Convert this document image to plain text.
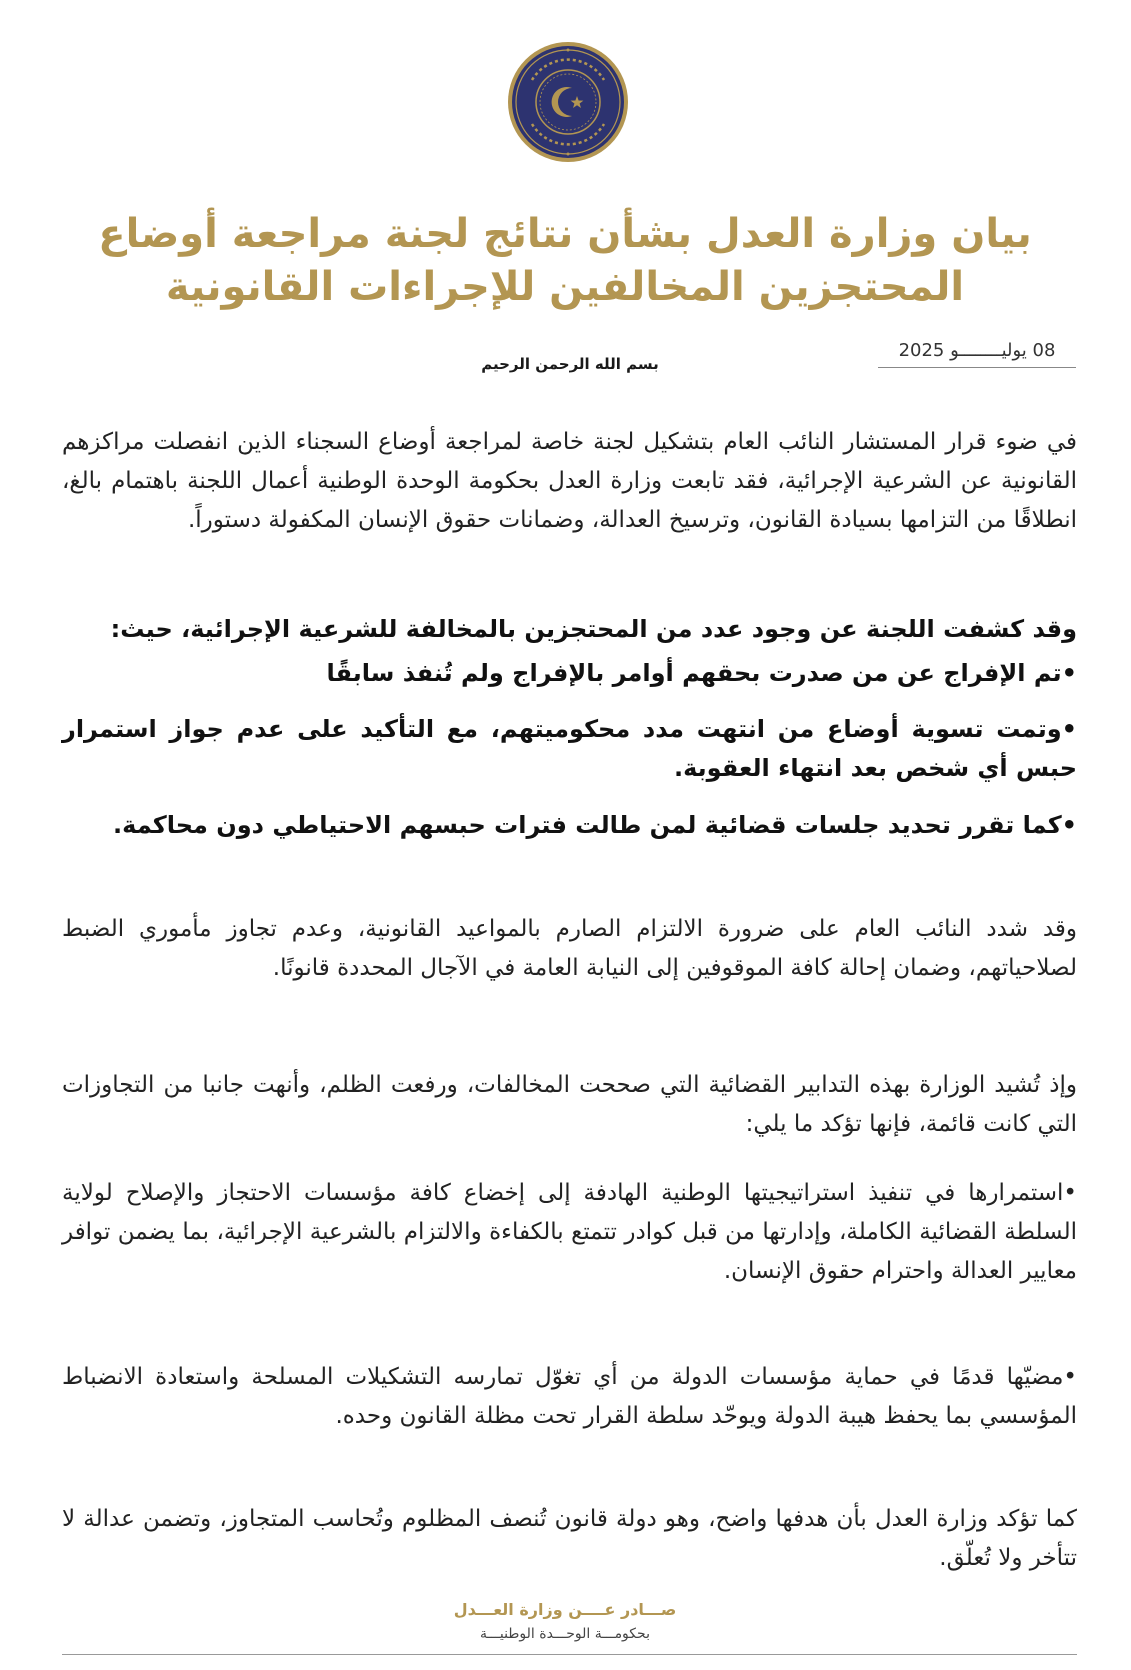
بيان وزارة العدل بشأن نتائج لجنة مراجعة أوضاع
المحتجزين المخالفين للإجراءات القانونية
08 يوليــــــــو 2025
بسم الله الرحمن الرحيم
في ضوء قرار المستشار النائب العام بتشكيل لجنة خاصة لمراجعة أوضاع السجناء الذين انفصلت مراكزهم القانونية عن الشرعية الإجرائية، فقد تابعت وزارة العدل بحكومة الوحدة الوطنية أعمال اللجنة باهتمام بالغ، انطلاقًا من التزامها بسيادة القانون، وترسيخ العدالة، وضمانات حقوق الإنسان المكفولة دستوراً.
وقد كشفت اللجنة عن وجود عدد من المحتجزين بالمخالفة للشرعية الإجرائية، حيث:
•تم الإفراج عن من صدرت بحقهم أوامر بالإفراج ولم تُنفذ سابقًا
•وتمت تسوية أوضاع من انتهت مدد محكوميتهم، مع التأكيد على عدم جواز استمرار حبس أي شخص بعد انتهاء العقوبة.
•كما تقرر تحديد جلسات قضائية لمن طالت فترات حبسهم الاحتياطي دون محاكمة.
وقد شدد النائب العام على ضرورة الالتزام الصارم بالمواعيد القانونية، وعدم تجاوز مأموري الضبط لصلاحياتهم، وضمان إحالة كافة الموقوفين إلى النيابة العامة في الآجال المحددة قانونًا.
وإذ تُشيد الوزارة بهذه التدابير القضائية التي صححت المخالفات، ورفعت الظلم، وأنهت جانبا من التجاوزات التي كانت قائمة، فإنها تؤكد ما يلي:
•استمرارها في تنفيذ استراتيجيتها الوطنية الهادفة إلى إخضاع كافة مؤسسات الاحتجاز والإصلاح لولاية السلطة القضائية الكاملة، وإدارتها من قبل كوادر تتمتع بالكفاءة والالتزام بالشرعية الإجرائية، بما يضمن توافر معايير العدالة واحترام حقوق الإنسان.
•مضيّها قدمًا في حماية مؤسسات الدولة من أي تغوّل تمارسه التشكيلات المسلحة واستعادة الانضباط المؤسسي بما يحفظ هيبة الدولة ويوحّد سلطة القرار تحت مظلة القانون وحده.
كما تؤكد وزارة العدل بأن هدفها واضح، وهو دولة قانون تُنصف المظلوم وتُحاسب المتجاوز، وتضمن عدالة لا تتأخر ولا تُعلّق.
صـــادر عــــن وزارة العـــدل
بحكومـــة الوحـــدة الوطنيـــة
